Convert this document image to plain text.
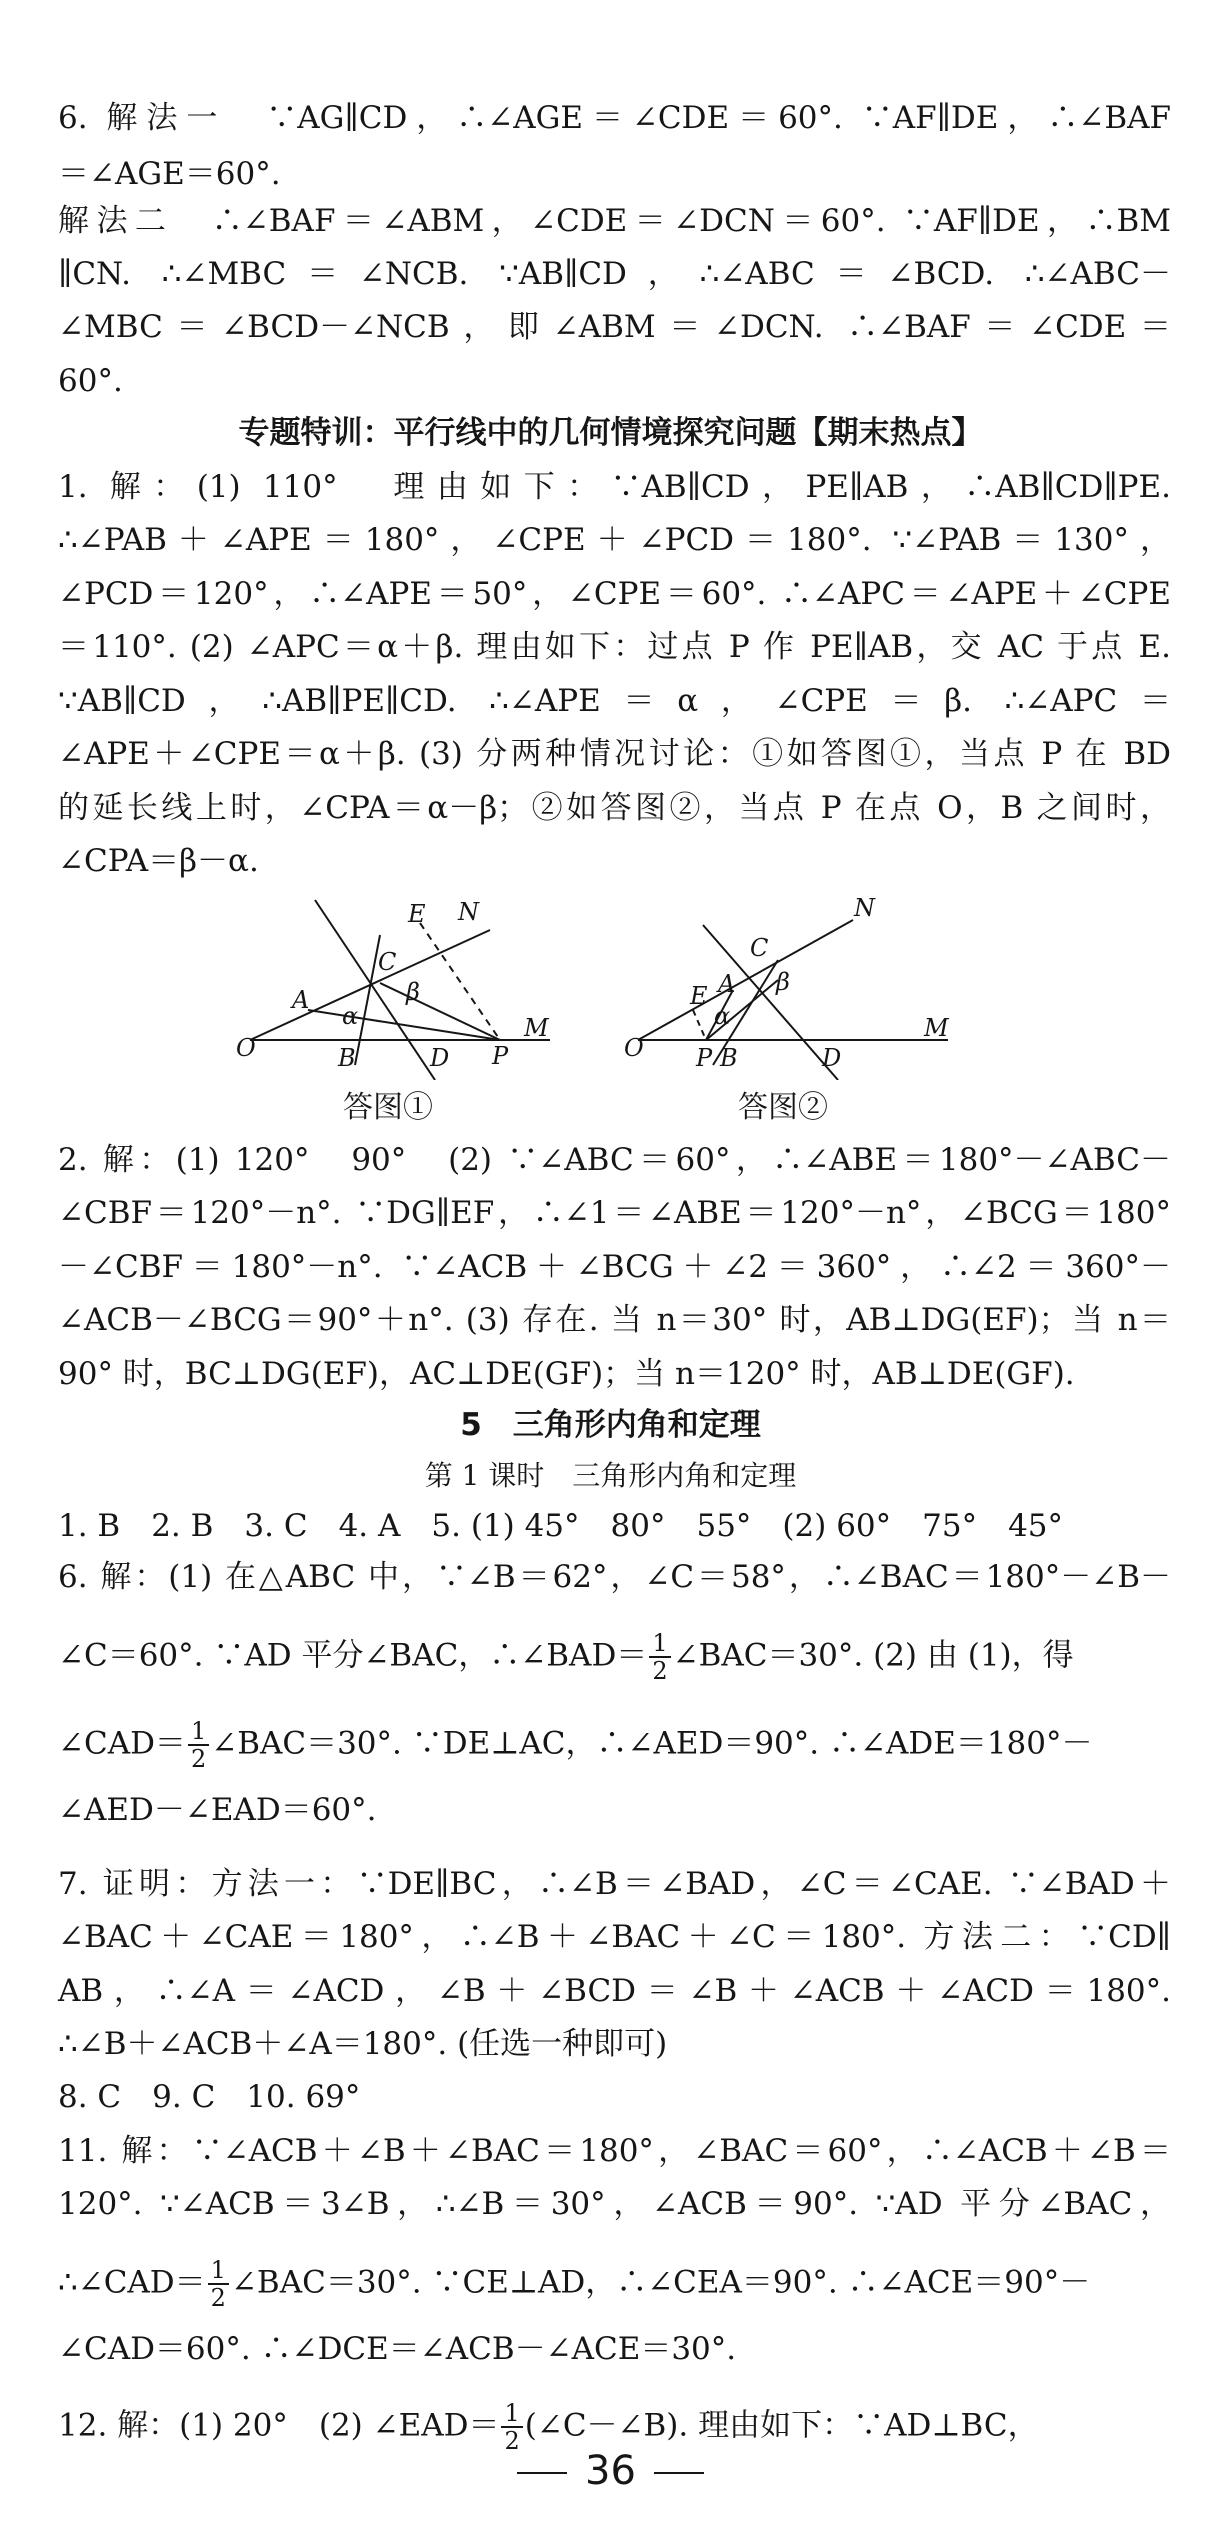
6. 解法一　∵AG∥CD，∴∠AGE＝∠CDE＝60°. ∵AF∥DE，∴∠BAF
＝∠AGE＝60°.
解法二　∴∠BAF＝∠ABM，∠CDE＝∠DCN＝60°. ∵AF∥DE，∴BM
∥CN. ∴∠MBC＝∠NCB. ∵AB∥CD，∴∠ABC＝∠BCD. ∴∠ABC－
∠MBC＝∠BCD－∠NCB，即∠ABM＝∠DCN. ∴∠BAF＝∠CDE＝
60°.
专题特训：平行线中的几何情境探究问题【期末热点】
1. 解：(1) 110°　理由如下：∵AB∥CD，PE∥AB，∴AB∥CD∥PE.
∴∠PAB＋∠APE＝180°，∠CPE＋∠PCD＝180°. ∵∠PAB＝130°，
∠PCD＝120°，∴∠APE＝50°，∠CPE＝60°. ∴∠APC＝∠APE＋∠CPE
＝110°. (2) ∠APC＝α＋β. 理由如下：过点 P 作 PE∥AB，交 AC 于点 E.
∵AB∥CD，∴AB∥PE∥CD. ∴∠APE＝α，∠CPE＝β. ∴∠APC＝
∠APE＋∠CPE＝α＋β. (3) 分两种情况讨论：①如答图①，当点 P 在 BD
的延长线上时，∠CPA＝α－β；②如答图②，当点 P 在点 O，B 之间时，
∠CPA＝β－α.
O
A
B
C
D
E N
M
P
α
β
答图①
O
E A
P B
C
D
N
M
α
β
答图②
2. 解：(1) 120°　90°　(2) ∵∠ABC＝60°，∴∠ABE＝180°－∠ABC－
∠CBF＝120°－n°. ∵DG∥EF，∴∠1＝∠ABE＝120°－n°，∠BCG＝180°
－∠CBF＝180°－n°. ∵∠ACB＋∠BCG＋∠2＝360°，∴∠2＝360°－
∠ACB－∠BCG＝90°＋n°. (3) 存在. 当 n＝30° 时，AB⊥DG(EF)；当 n＝
90° 时，BC⊥DG(EF)，AC⊥DE(GF)；当 n＝120° 时，AB⊥DE(GF).
5　三角形内角和定理
第 1 课时　三角形内角和定理
1. B　2. B　3. C　4. A　5. (1) 45°　80°　55°　(2) 60°　75°　45°
6. 解：(1) 在△ABC 中，∵∠B＝62°，∠C＝58°，∴∠BAC＝180°－∠B－
∠C＝60°. ∵AD 平分∠BAC，∴∠BAD＝ $\frac{1}{2}$ ∠BAC＝30°. (2) 由 (1)，得
∠CAD＝ $\frac{1}{2}$ ∠BAC＝30°. ∵DE⊥AC，∴∠AED＝90°. ∴∠ADE＝180°－
∠AED－∠EAD＝60°.
7. 证明：方法一：∵DE∥BC，∴∠B＝∠BAD，∠C＝∠CAE. ∵∠BAD＋
∠BAC＋∠CAE＝180°，∴∠B＋∠BAC＋∠C＝180°. 方法二：∵CD∥
AB，∴∠A＝∠ACD，∠B＋∠BCD＝∠B＋∠ACB＋∠ACD＝180°.
∴∠B＋∠ACB＋∠A＝180°. (任选一种即可)
8. C　9. C　10. 69°
11. 解：∵∠ACB＋∠B＋∠BAC＝180°，∠BAC＝60°，∴∠ACB＋∠B＝
120°. ∵∠ACB＝3∠B，∴∠B＝30°，∠ACB＝90°. ∵AD 平分∠BAC，
∴∠CAD＝ $\frac{1}{2}$ ∠BAC＝30°. ∵CE⊥AD，∴∠CEA＝90°. ∴∠ACE＝90°－
∠CAD＝60°. ∴∠DCE＝∠ACB－∠ACE＝30°.
12. 解：(1) 20°　(2) ∠EAD＝ $\frac{1}{2}$ (∠C－∠B). 理由如下：∵AD⊥BC，
36
